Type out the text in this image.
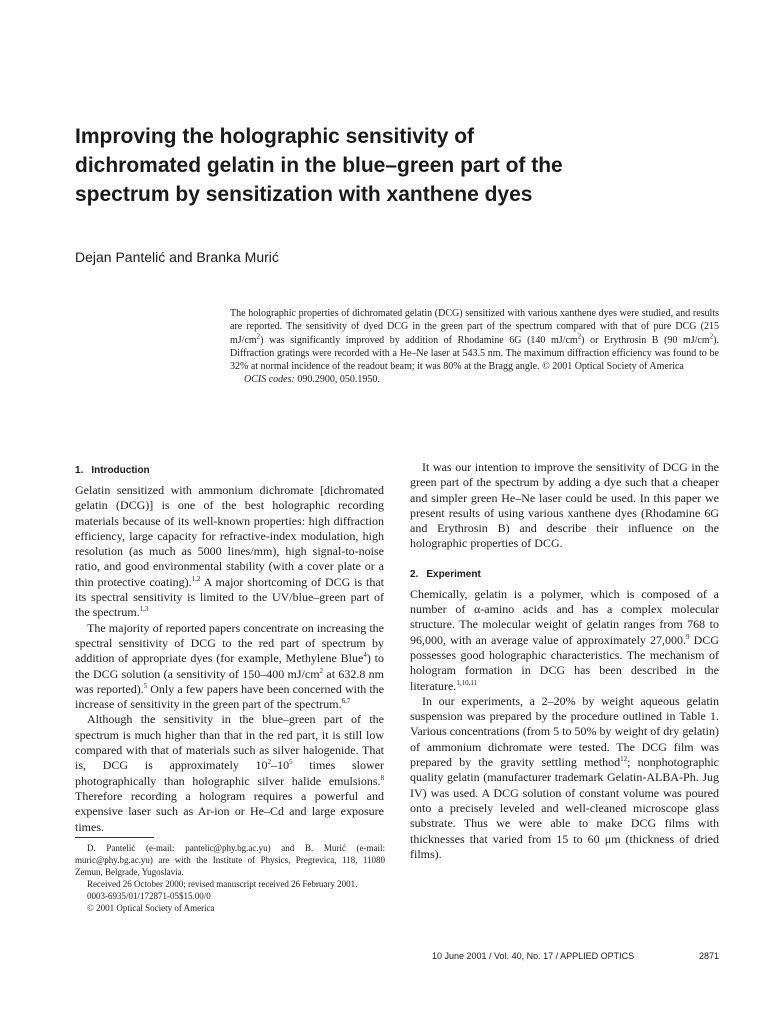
Improving the holographic sensitivity of
dichromated gelatin in the blue–green part of the
spectrum by sensitization with xanthene dyes
Dejan Pantelić and Branka Murić
The holographic properties of dichromated gelatin (DCG) sensitized with various xanthene dyes were studied, and results are reported. The sensitivity of dyed DCG in the green part of the spectrum compared with that of pure DCG (215 $mJ/cm^2$) was significantly improved by addition of Rhodamine 6G (140 $mJ/cm^2$) or Erythrosin B (90 $mJ/cm^2$). Diffraction gratings were recorded with a He–Ne laser at 543.5 nm. The maximum diffraction efficiency was found to be 32% at normal incidence of the readout beam; it was 80% at the Bragg angle. © 2001 Optical Society of America
OCIS codes: 090.2900, 050.1950.
1. Introduction

Gelatin sensitized with ammonium dichromate [dichromated gelatin (DCG)] is one of the best holographic recording materials because of its well-known properties: high diffraction efficiency, large capacity for refractive-index modulation, high resolution (as much as 5000 lines/mm), high signal-to-noise ratio, and good environmental stability (with a cover plate or a thin protective coating).$^{1,2}$ A major shortcoming of DCG is that its spectral sensitivity is limited to the UV/blue–green part of the spectrum.$^{1,3}$

The majority of reported papers concentrate on increasing the spectral sensitivity of DCG to the red part of spectrum by addition of appropriate dyes (for example, Methylene Blue$^4$) to the DCG solution (a sensitivity of 150–400 $mJ/cm^2$ at 632.8 nm was reported).$^5$ Only a few papers have been concerned with the increase of sensitivity in the green part of the spectrum.$^{6,7}$

Although the sensitivity in the blue–green part of the spectrum is much higher than that in the red part, it is still low compared with that of materials such as silver halogenide. That is, DCG is approximately $10^2-10^5$ times slower photographically than holographic silver halide emulsions.$^8$ Therefore recording a hologram requires a powerful and expensive laser such as Ar-ion or He–Cd and large exposure times.

It was our intention to improve the sensitivity of DCG in the green part of the spectrum by adding a dye such that a cheaper and simpler green He–Ne laser could be used. In this paper we present results of using various xanthene dyes (Rhodamine 6G and Erythrosin B) and describe their influence on the holographic properties of DCG.

2. Experiment

Chemically, gelatin is a polymer, which is composed of a number of α-amino acids and has a complex molecular structure. The molecular weight of gelatin ranges from 768 to 96,000, with an average value of approximately 27,000.$^9$ DCG possesses good holographic characteristics. The mechanism of hologram formation in DCG has been described in the literature.$^{1,10,11}$

In our experiments, a 2–20% by weight aqueous gelatin suspension was prepared by the procedure outlined in Table 1. Various concentrations (from 5 to 50% by weight of dry gelatin) of ammonium dichromate were tested. The DCG film was prepared by the gravity settling method$^{12}$; nonphotographic quality gelatin (manufacturer trademark Gelatin-ALBA-Ph. Jug IV) was used. A DCG solution of constant volume was poured onto a precisely leveled and well-cleaned microscope glass substrate. Thus we were able to make DCG films with thicknesses that varied from 15 to 60 μm (thickness of dried films).

D. Pantelić (e-mail: pantelic@phy.bg.ac.yu) and B. Murić (e-mail: muric@phy.bg.ac.yu) are with the Institute of Physics, Pregrevica, 118, 11080 Zemun, Belgrade, Yugoslavia.

Received 26 October 2000; revised manuscript received 26 February 2001.

0003-6935/01/172871-05$15.00/0

© 2001 Optical Society of America

10 June 2001 / Vol. 40, No. 17 / APPLIED OPTICS	2871
